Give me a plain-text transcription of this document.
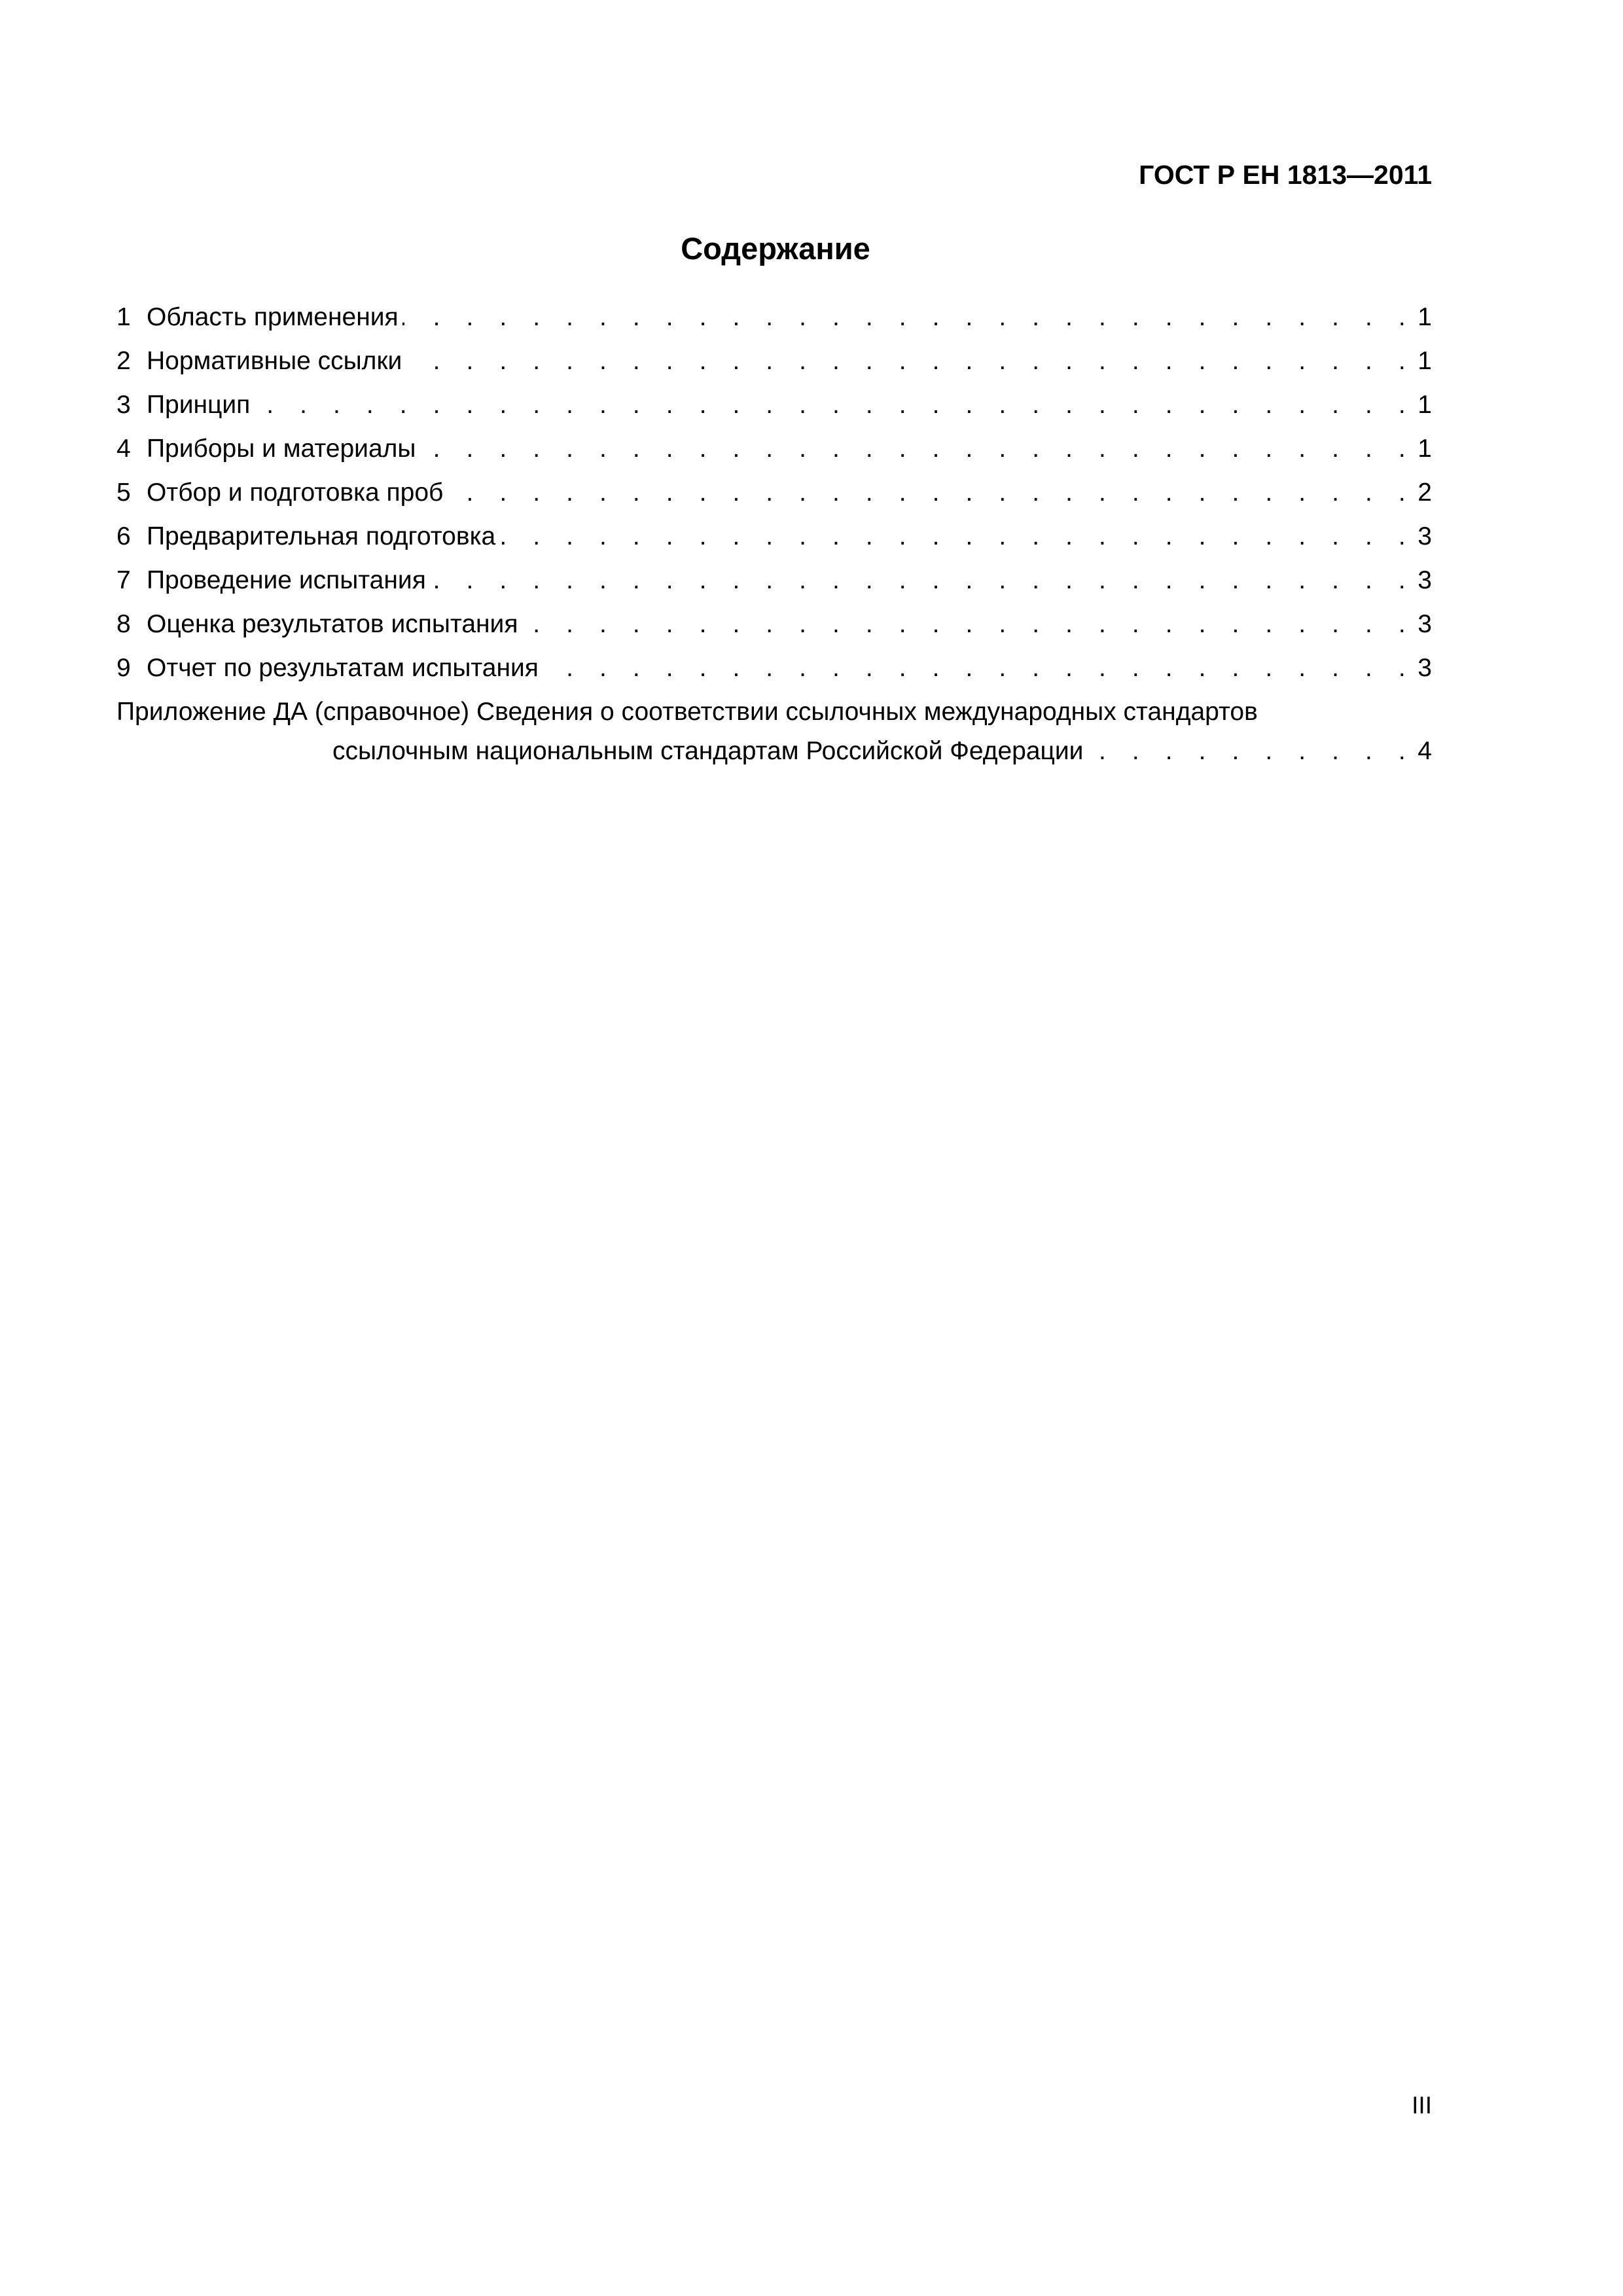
ГОСТ Р ЕН 1813—2011
Содержание
1 Область применения . . .	1
2 Нормативные ссылки . . .	1
3 Принцип . . .	1
4 Приборы и материалы . . .	1
5 Отбор и подготовка проб . . .	2
6 Предварительная подготовка . . .	3
7 Проведение испытания . . .	3
8 Оценка результатов испытания . . .	3
9 Отчет по результатам испытания . . .	3
Приложение ДА (справочное) Сведения о соответствии ссылочных международных стандартов
ссылочным национальным стандартам Российской Федерации . . .	4
III
